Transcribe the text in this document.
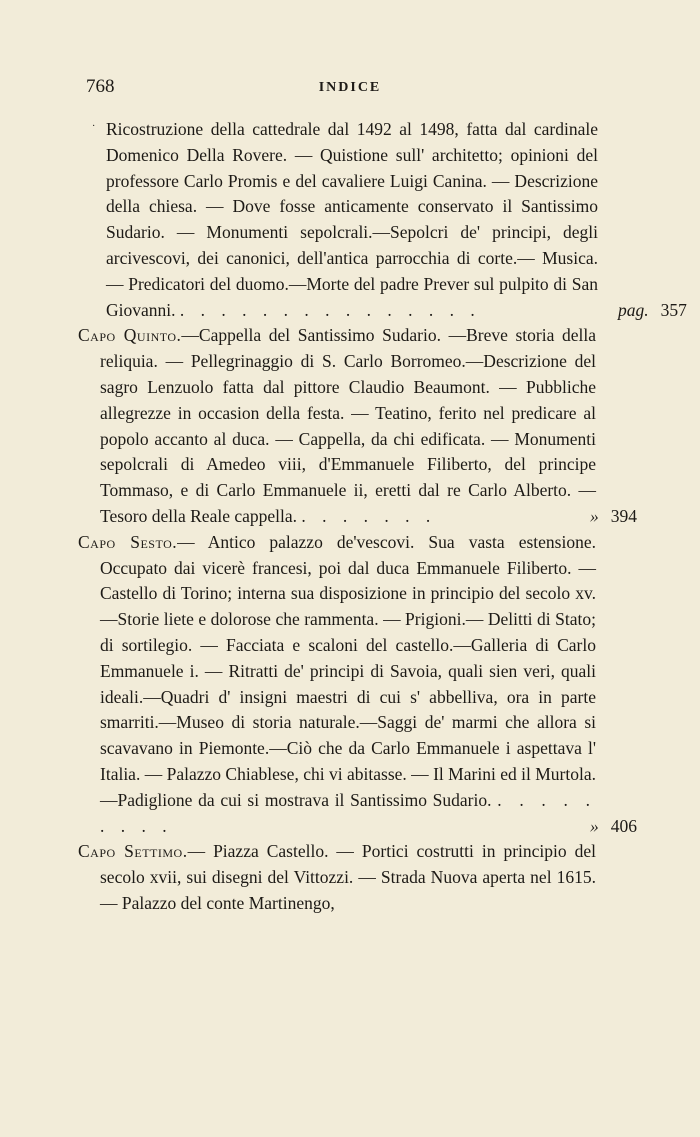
768	INDICE
· Ricostruzione della cattedrale dal 1492 al 1498, fatta dal cardinale Domenico Della Rovere. — Quistione sull' architetto; opinioni del professore Carlo Promis e del cavaliere Luigi Canina. — Descrizione della chiesa. — Dove fosse anticamente conservato il Santissimo Sudario. — Monumenti sepolcrali.—Sepolcri de' principi, degli arcivescovi, dei canonici, dell'antica parrocchia di corte.— Musica. — Predicatori del duomo.—Morte del padre Prever sul pulpito di San Giovanni. . . . . . . . . . . . . . . .	pag. 357
Capo Quinto.—Cappella del Santissimo Sudario. —Breve storia della reliquia. — Pellegrinaggio di S. Carlo Borromeo.—Descrizione del sagro Lenzuolo fatta dal pittore Claudio Beaumont. — Pubbliche allegrezze in occasion della festa. — Teatino, ferito nel predicare al popolo accanto al duca. — Cappella, da chi edificata. — Monumenti sepolcrali di Amedeo viii, d'Emmanuele Filiberto, del principe Tommaso, e di Carlo Emmanuele ii, eretti dal re Carlo Alberto. — Tesoro della Reale cappella. . . . . . . .	» 394
Capo Sesto.— Antico palazzo de'vescovi. Sua vasta estensione. Occupato dai vicerè francesi, poi dal duca Emmanuele Filiberto. — Castello di Torino; interna sua disposizione in principio del secolo xv. —Storie liete e dolorose che rammenta. — Prigioni.— Delitti di Stato; di sortilegio. — Facciata e scaloni del castello.—Galleria di Carlo Emmanuele i. — Ritratti de' principi di Savoia, quali sien veri, quali ideali.—Quadri d' insigni maestri di cui s' abbelliva, ora in parte smarriti.—Museo di storia naturale.—Saggi de' marmi che allora si scavavano in Piemonte.—Ciò che da Carlo Emmanuele i aspettava l' Italia. — Palazzo Chiablese, chi vi abitasse. — Il Marini ed il Murtola.—Padiglione da cui si mostrava il Santissimo Sudario. . . . . . . . . .	» 406
Capo Settimo.— Piazza Castello. — Portici costrutti in principio del secolo xvii, sui disegni del Vittozzi. — Strada Nuova aperta nel 1615. — Palazzo del conte Martinengo,
